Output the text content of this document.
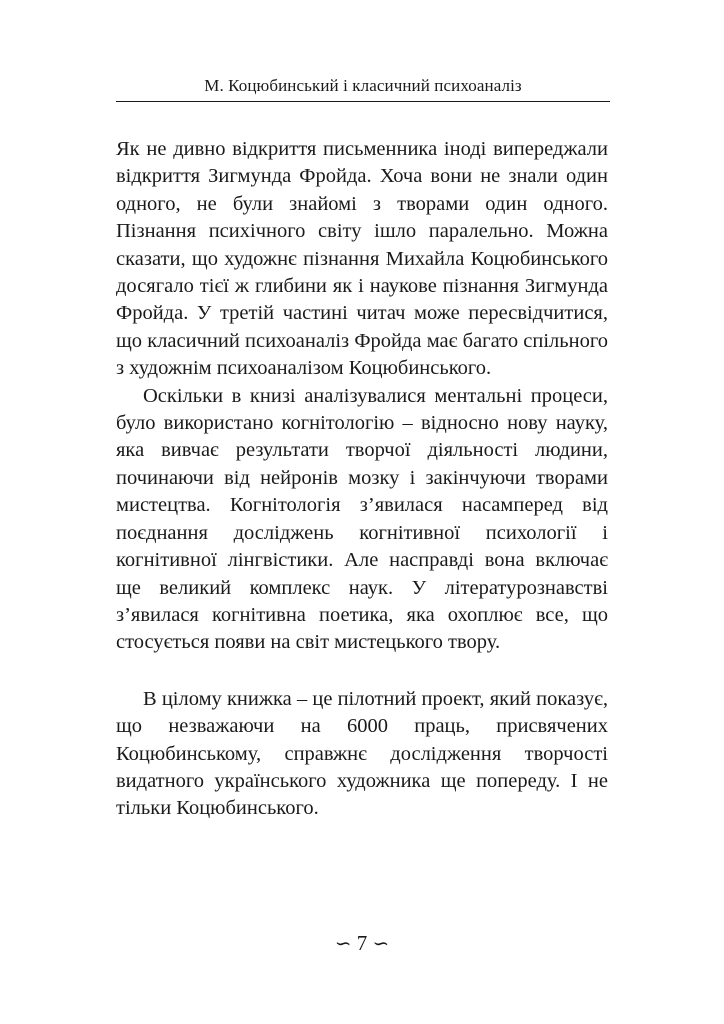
М. Коцюбинський і класичний психоаналіз

Як не дивно відкриття письменника іноді випереджали відкриття Зигмунда Фройда. Хоча вони не знали один одного, не були знайомі з творами один одного. Пізнання психічного світу ішло паралельно. Можна сказати, що художнє пізнання Михайла Коцюбинського досягало тієї ж глибини як і наукове пізнання Зигмунда Фройда. У третій частині читач може пересвідчитися, що класичний психоаналіз Фройда має багато спільного з художнім психоаналізом Коцюбинського.

Оскільки в книзі аналізувалися ментальні процеси, було використано когнітологію – відносно нову науку, яка вивчає результати творчої діяльності людини, починаючи від нейронів мозку і закінчуючи творами мистецтва. Когнітологія з’явилася насамперед від поєднання досліджень когнітивної психології і когнітивної лінгвістики. Але насправді вона включає ще великий комплекс наук. У літературознавстві з’явилася когнітивна поетика, яка охоплює все, що стосується появи на світ мистецького твору.

В цілому книжка – це пілотний проект, який показує, що незважаючи на 6000 праць, присвячених Коцюбинському, справжнє дослідження творчості видатного українського художника ще попереду. І не тільки Коцюбинського.

∽ 7 ∽
